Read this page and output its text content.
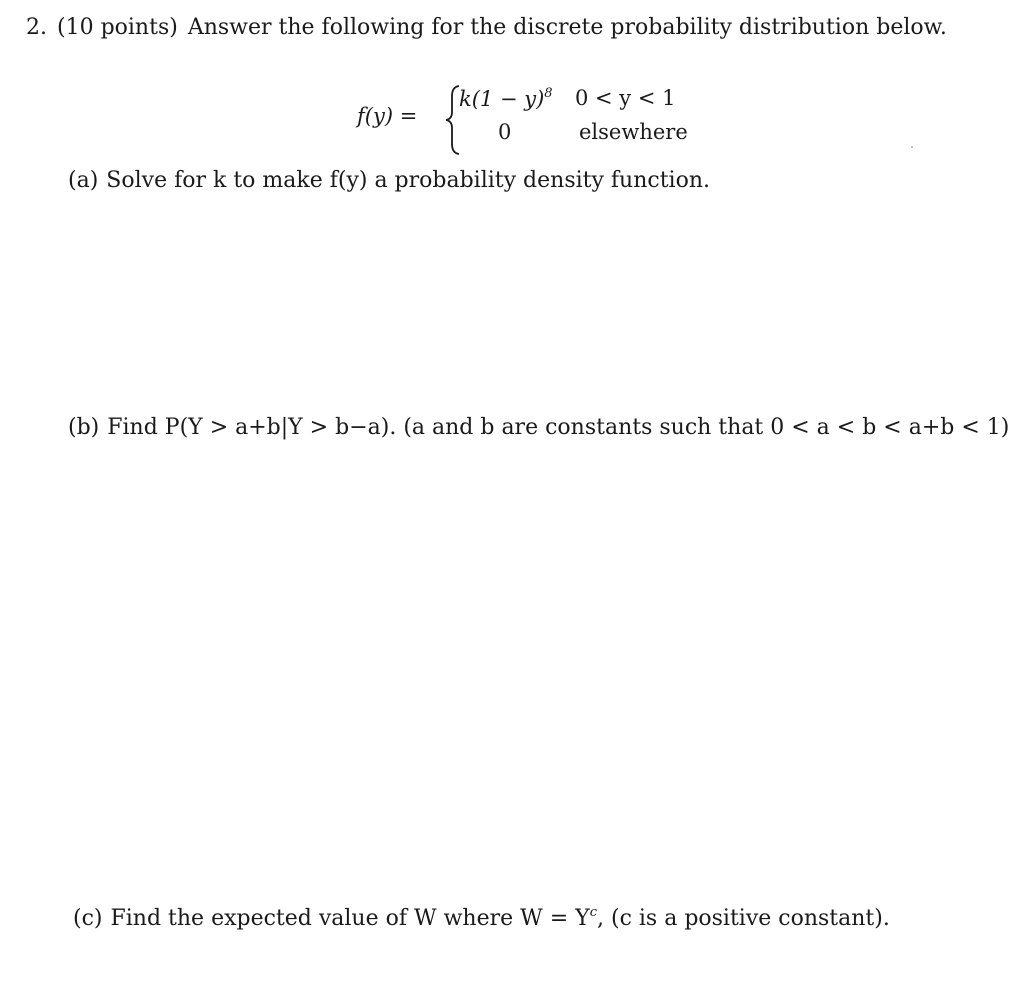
2. (10 points) Answer the following for the discrete probability distribution below.
f(y) =
$k(1 - y)^8$ 0 < y < 1
0	elsewhere
(a) Solve for k to make f(y) a probability density function.
(b) Find P(Y > a+b|Y > b−a). (a and b are constants such that 0 < a < b < a+b < 1)
(c) Find the expected value of W where $W = Y^c$, (c is a positive constant).
